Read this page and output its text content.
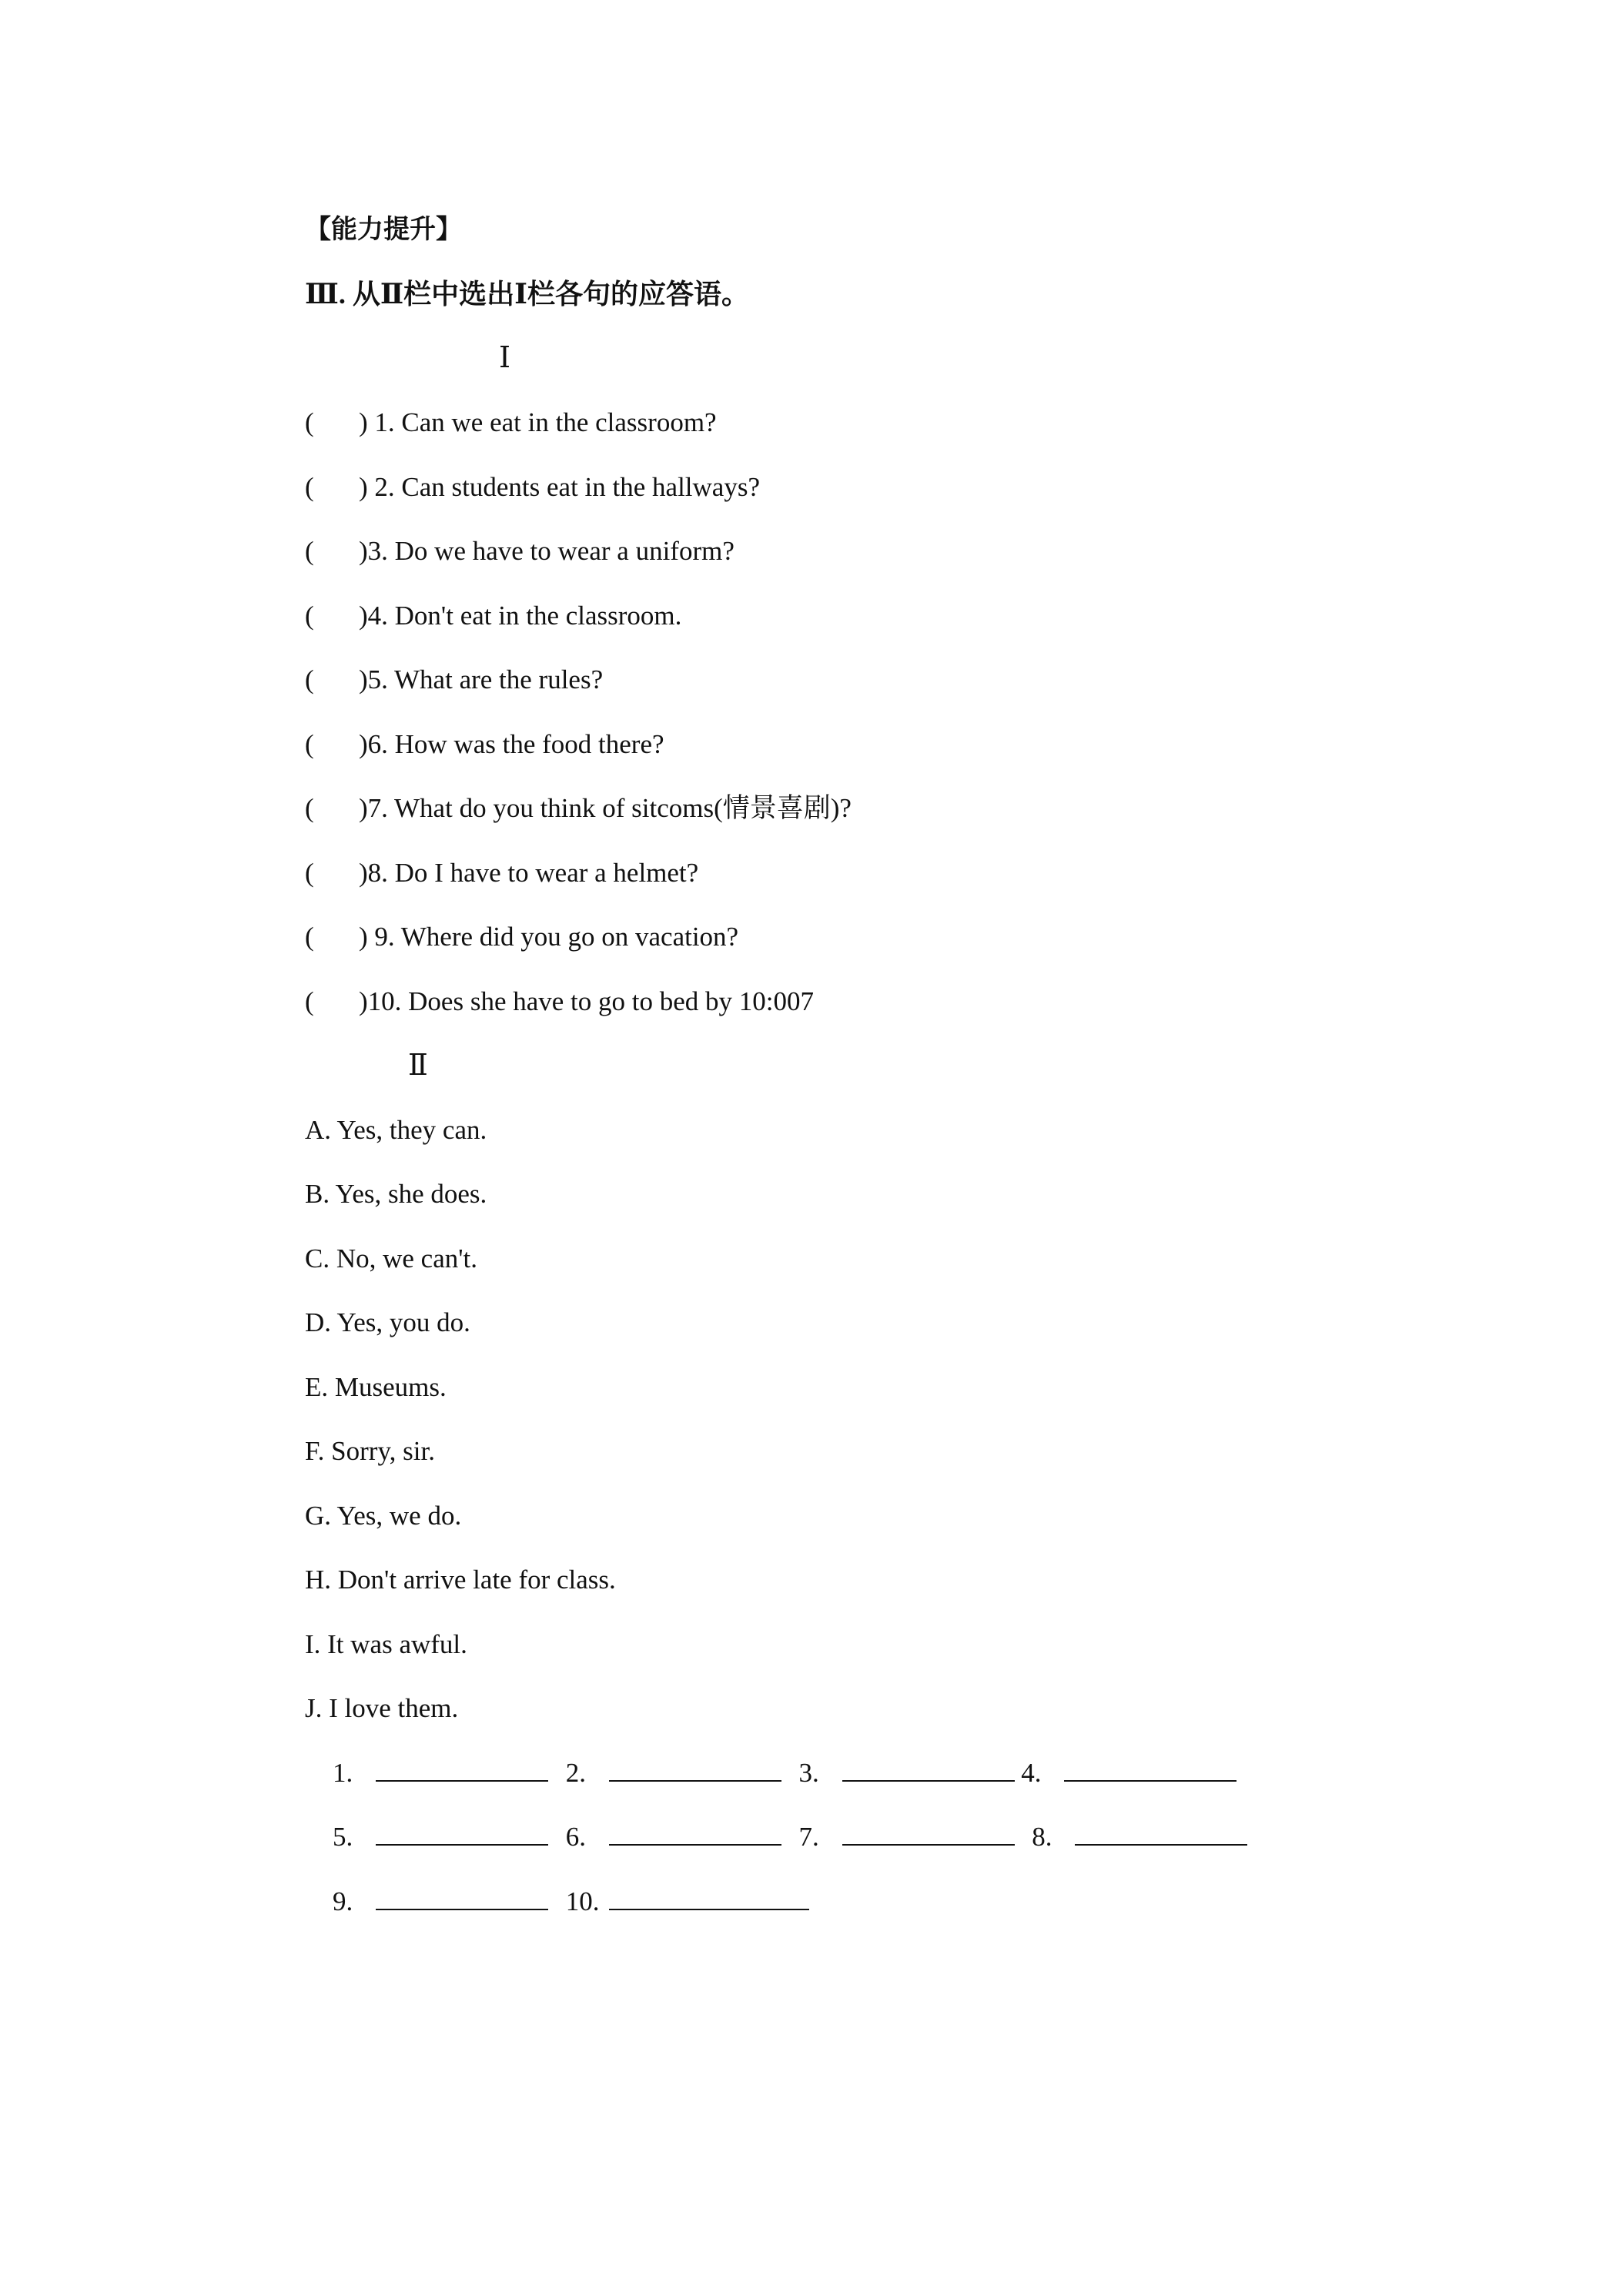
【能力提升】
Ⅲ. 从Ⅱ栏中选出Ⅰ栏各句的应答语。
Ⅰ
( ) 1. Can we eat in the classroom?
( ) 2. Can students eat in the hallways?
( )3. Do we have to wear a uniform?
( )4. Don't eat in the classroom.
( )5. What are the rules?
( )6. How was the food there?
( )7. What do you think of sitcoms(情景喜剧)?
( )8. Do I have to wear a helmet?
( ) 9. Where did you go on vacation?
( )10. Does she have to go to bed by 10:007
Ⅱ
A. Yes, they can.
B. Yes, she does.
C. No, we can't.
D. Yes, you do.
E. Museums.
F. Sorry, sir.
G. Yes, we do.
H. Don't arrive late for class.
I. It was awful.
J. I love them.
1.	2.	3.	4.
5.	6.	7.	8.
9.	10.
